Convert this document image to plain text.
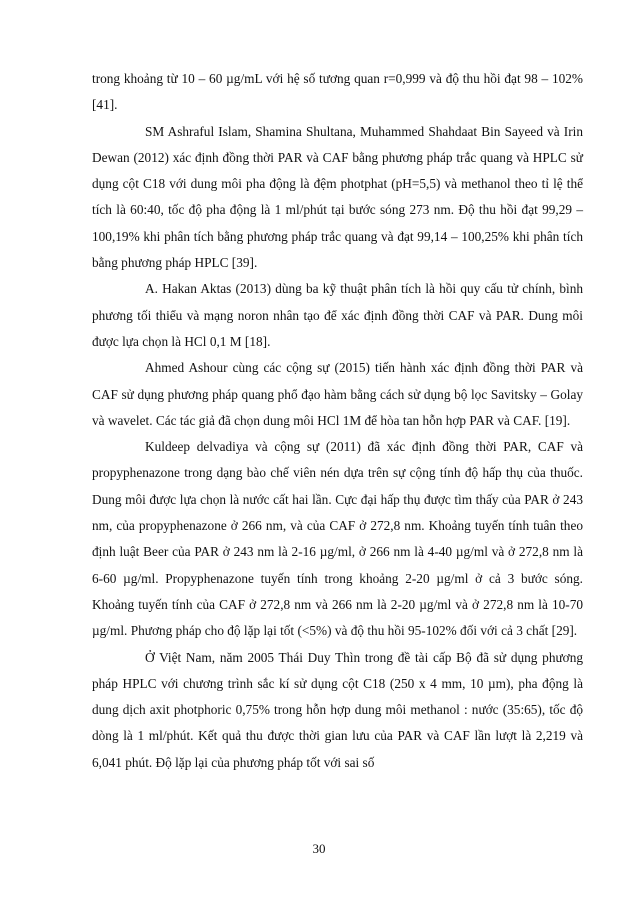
trong khoảng từ 10 – 60 µg/mL với hệ số tương quan r=0,999 và độ thu hồi đạt 98 – 102% [41].

SM Ashraful Islam, Shamina Shultana, Muhammed Shahdaat Bin Sayeed và Irin Dewan (2012) xác định đồng thời PAR và CAF bằng phương pháp trắc quang và HPLC sử dụng cột C18 với dung môi pha động là đệm photphat (pH=5,5) và methanol theo tỉ lệ thể tích là 60:40, tốc độ pha động là 1 ml/phút tại bước sóng 273 nm. Độ thu hồi đạt 99,29 – 100,19% khi phân tích bằng phương pháp trắc quang và đạt 99,14 – 100,25% khi phân tích bằng phương pháp HPLC [39].

A. Hakan Aktas (2013) dùng ba kỹ thuật phân tích là hồi quy cấu tử chính, bình phương tối thiểu và mạng noron nhân tạo để xác định đồng thời CAF và PAR. Dung môi được lựa chọn là HCl 0,1 M [18].

Ahmed Ashour cùng các cộng sự (2015) tiến hành xác định đồng thời PAR và CAF sử dụng phương pháp quang phổ đạo hàm bằng cách sử dụng bộ lọc Savitsky – Golay và wavelet. Các tác giả đã chọn dung môi HCl 1M để hòa tan hỗn hợp PAR và CAF. [19].

Kuldeep delvadiya và cộng sự (2011) đã xác định đồng thời PAR, CAF và propyphenazone trong dạng bào chế viên nén dựa trên sự cộng tính độ hấp thụ của thuốc. Dung môi được lựa chọn là nước cất hai lần. Cực đại hấp thụ được tìm thấy của PAR ở 243 nm, của propyphenazone ở 266 nm, và của CAF ở 272,8 nm. Khoảng tuyến tính tuân theo định luật Beer của PAR ở 243 nm là 2-16 µg/ml, ở 266 nm là 4-40 µg/ml và ở 272,8 nm là 6-60 µg/ml. Propyphenazone tuyến tính trong khoảng 2-20 µg/ml ở cả 3 bước sóng. Khoảng tuyến tính của CAF ở 272,8 nm và 266 nm là 2-20 µg/ml và ở 272,8 nm là 10-70 µg/ml. Phương pháp cho độ lặp lại tốt (<5%) và độ thu hồi 95-102% đối với cả 3 chất [29].

Ở Việt Nam, năm 2005 Thái Duy Thìn trong đề tài cấp Bộ đã sử dụng phương pháp HPLC với chương trình sắc kí sử dụng cột C18 (250 x 4 mm, 10 µm), pha động là dung dịch axit photphoric 0,75% trong hỗn hợp dung môi methanol : nước (35:65), tốc độ dòng là 1 ml/phút. Kết quả thu được thời gian lưu của PAR và CAF lần lượt là 2,219 và 6,041 phút. Độ lặp lại của phương pháp tốt với sai số

30
